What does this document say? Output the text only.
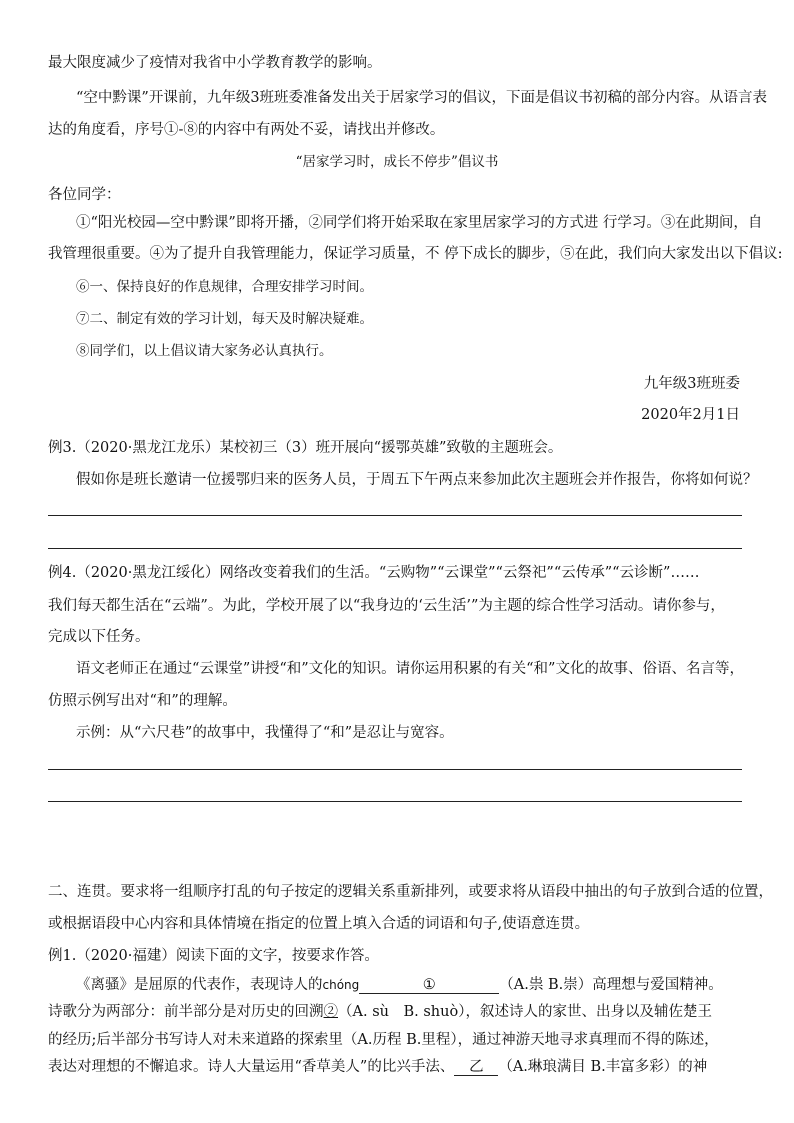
最大限度减少了疫情对我省中小学教育教学的影响。
“空中黔课”开课前，九年级3班班委准备发出关于居家学习的倡议，下面是倡议书初稿的部分内容。从语言表
达的角度看，序号①-⑧的内容中有两处不妥，请找出并修改。
“居家学习时，成长不停步”倡议书
各位同学：
①“阳光校园—空中黔课”即将开播，②同学们将开始采取在家里居家学习的方式进 行学习。③在此期间，自
我管理很重要。④为了提升自我管理能力，保证学习质量，不 停下成长的脚步，⑤在此，我们向大家发出以下倡议:
⑥一、保持良好的作息规律，合理安排学习时间。
⑦二、制定有效的学习计划，每天及时解决疑难。
⑧同学们，以上倡议请大家务必认真执行。
九年级3班班委
2020年2月1日
例3.（2020·黑龙江龙乐）某校初三（3）班开展向“援鄂英雄”致敬的主题班会。
假如你是班长邀请一位援鄂归来的医务人员，于周五下午两点来参加此次主题班会并作报告，你将如何说？
例4.（2020·黑龙江绥化）网络改变着我们的生活。“云购物”“云课堂”“云祭祀”“云传承”“云诊断”……
我们每天都生活在“云端”。为此，学校开展了以“我身边的‘云生活’”为主题的综合性学习活动。请你参与，
完成以下任务。
语文老师正在通过“云课堂”讲授“和”文化的知识。请你运用积累的有关“和”文化的故事、俗语、名言等，
仿照示例写出对“和”的理解。
示例：从“六尺巷”的故事中，我懂得了“和”是忍让与宽容。
二、连贯。要求将一组顺序打乱的句子按定的逻辑关系重新排列，或要求将从语段中抽出的句子放到合适的位置，
或根据语段中心内容和具体情境在指定的位置上填入合适的词语和句子,使语意连贯。
例1.（2020·福建）阅读下面的文字，按要求作答。
《离骚》是屈原的代表作，表现诗人的chóng	①	（A.祟 B.崇）高理想与爱国精神。
诗歌分为两部分：前半部分是对历史的回溯②（A. sù　B. shuò），叙述诗人的家世、出身以及辅佐楚王
的经历;后半部分书写诗人对未来道路的探索里（A.历程 B.里程），通过神游天地寻求真理而不得的陈述，
表达对理想的不懈追求。诗人大量运用“香草美人”的比兴手法、 乙 （A.琳琅满目 B.丰富多彩）的神
